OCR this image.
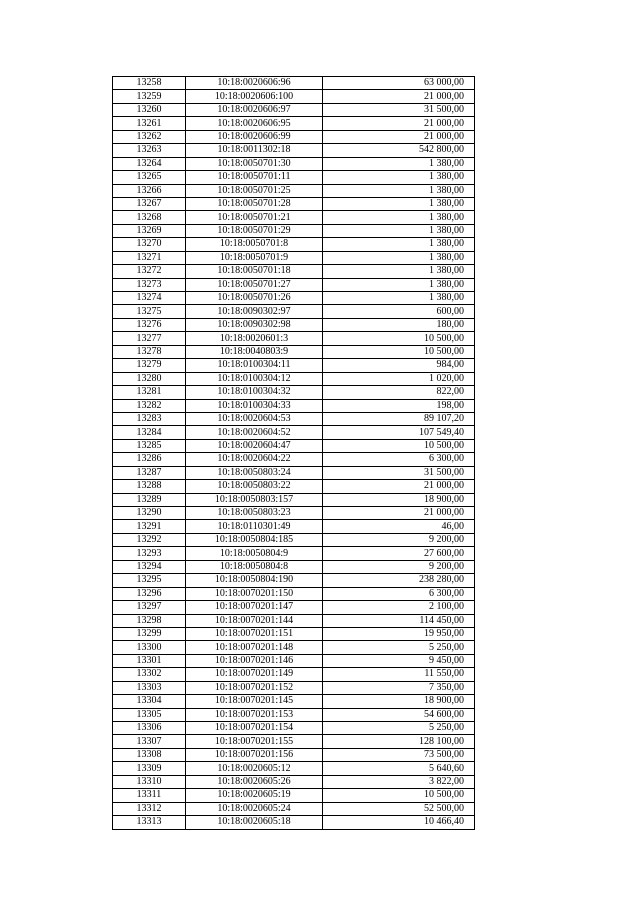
13258	10:18:0020606:96	63 000,00
13259	10:18:0020606:100	21 000,00
13260	10:18:0020606:97	31 500,00
13261	10:18:0020606:95	21 000,00
13262	10:18:0020606:99	21 000,00
13263	10:18:0011302:18	542 800,00
13264	10:18:0050701:30	1 380,00
13265	10:18:0050701:11	1 380,00
13266	10:18:0050701:25	1 380,00
13267	10:18:0050701:28	1 380,00
13268	10:18:0050701:21	1 380,00
13269	10:18:0050701:29	1 380,00
13270	10:18:0050701:8	1 380,00
13271	10:18:0050701:9	1 380,00
13272	10:18:0050701:18	1 380,00
13273	10:18:0050701:27	1 380,00
13274	10:18:0050701:26	1 380,00
13275	10:18:0090302:97	600,00
13276	10:18:0090302:98	180,00
13277	10:18:0020601:3	10 500,00
13278	10:18:0040803:9	10 500,00
13279	10:18:0100304:11	984,00
13280	10:18:0100304:12	1 020,00
13281	10:18:0100304:32	822,00
13282	10:18:0100304:33	198,00
13283	10:18:0020604:53	89 107,20
13284	10:18:0020604:52	107 549,40
13285	10:18:0020604:47	10 500,00
13286	10:18:0020604:22	6 300,00
13287	10:18:0050803:24	31 500,00
13288	10:18:0050803:22	21 000,00
13289	10:18:0050803:157	18 900,00
13290	10:18:0050803:23	21 000,00
13291	10:18:0110301:49	46,00
13292	10:18:0050804:185	9 200,00
13293	10:18:0050804:9	27 600,00
13294	10:18:0050804:8	9 200,00
13295	10:18:0050804:190	238 280,00
13296	10:18:0070201:150	6 300,00
13297	10:18:0070201:147	2 100,00
13298	10:18:0070201:144	114 450,00
13299	10:18:0070201:151	19 950,00
13300	10:18:0070201:148	5 250,00
13301	10:18:0070201:146	9 450,00
13302	10:18:0070201:149	11 550,00
13303	10:18:0070201:152	7 350,00
13304	10:18:0070201:145	18 900,00
13305	10:18:0070201:153	54 600,00
13306	10:18:0070201:154	5 250,00
13307	10:18:0070201:155	128 100,00
13308	10:18:0070201:156	73 500,00
13309	10:18:0020605:12	5 640,60
13310	10:18:0020605:26	3 822,00
13311	10:18:0020605:19	10 500,00
13312	10:18:0020605:24	52 500,00
13313	10:18:0020605:18	10 466,40
